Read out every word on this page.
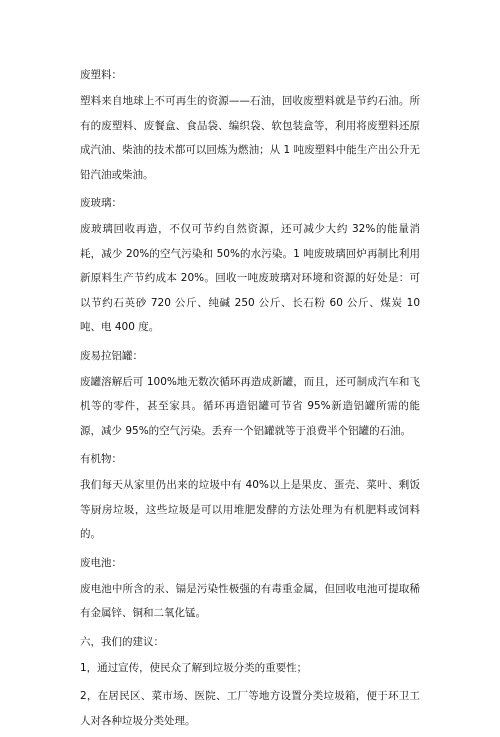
废塑料：
塑料来自地球上不可再生的资源——石油，回收废塑料就是节约石油。所有的废塑料、废餐盒、食品袋、编织袋、软包装盒等，利用将废塑料还原成汽油、柴油的技术都可以回炼为燃油；从 1 吨废塑料中能生产出公升无铅汽油或柴油。
废玻璃：
废玻璃回收再造，不仅可节约自然资源，还可减少大约 32%的能量消耗，减少 20%的空气污染和 50%的水污染。1 吨废玻璃回炉再制比利用新原料生产节约成本 20%。回收一吨废玻璃对环境和资源的好处是：可以节约石英砂 720 公斤、纯碱 250 公斤、长石粉 60 公斤、煤炭 10 吨、电 400 度。
废易拉铝罐：
废罐溶解后可 100%地无数次循环再造成新罐，而且，还可制成汽车和飞机等的零件，甚至家具。循环再造铝罐可节省 95%新造铝罐所需的能源，减少 95%的空气污染。丢弃一个铝罐就等于浪费半个铝罐的石油。
有机物：
我们每天从家里仍出来的垃圾中有 40%以上是果皮、蛋壳、菜叶、剩饭等厨房垃圾，这些垃圾是可以用堆肥发酵的方法处理为有机肥料或饲料的。
废电池：
废电池中所含的汞、镉是污染性极强的有毒重金属，但回收电池可提取稀有金属锌、铜和二氧化锰。
六，我们的建议：
1，通过宣传，使民众了解到垃圾分类的重要性；
2，在居民区、菜市场、医院、工厂等地方设置分类垃圾箱，便于环卫工人对各种垃圾分类处理。
